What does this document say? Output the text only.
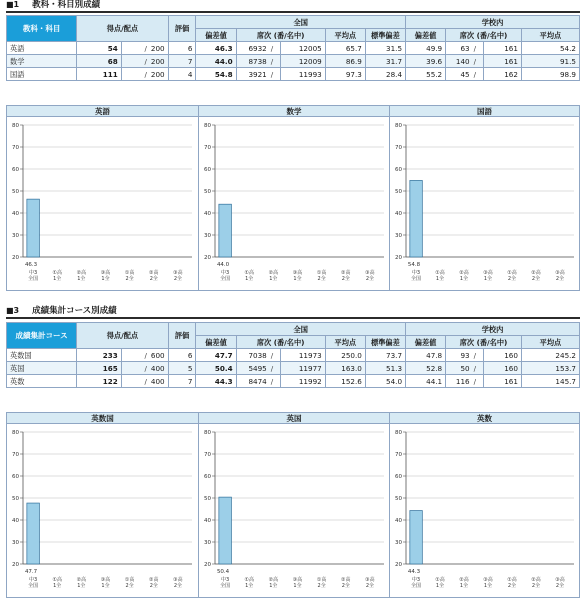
■1 教科・科目別成績
教科・科目	得点/配点		評価	全国					学校内			
				偏差値	席次 (番/名中)		平均点	標準偏差	偏差値	席次 (番/名中)		平均点
英語	54	/ 200	6	46.3	6932 /	12005	65.7	31.5	49.9	63 /	161	54.2
数学	68	/ 200	7	44.0	8738 /	12009	86.9	31.7	39.6	140 /	161	91.5
国語	111	/ 200	4	54.8	3921 /	11993	97.3	28.4	55.2	45 /	162	98.9
英語
20
30
40
50
60
70
80
46.3
中3
全国
①高
1全
②高
1全
③高
1全
①高
2全
②高
2全
③高
2全
数学
20
30
40
50
60
70
80
44.0
中3
全国
①高
1全
②高
1全
③高
1全
①高
2全
②高
2全
③高
2全
国語
20
30
40
50
60
70
80
54.8
中3
全国
①高
1全
②高
1全
③高
1全
①高
2全
②高
2全
③高
2全
■3 成績集計コース別成績
成績集計コース	得点/配点		評価	全国					学校内			
				偏差値	席次 (番/名中)		平均点	標準偏差	偏差値	席次 (番/名中)		平均点
英数国	233	/ 600	6	47.7	7038 /	11973	250.0	73.7	47.8	93 /	160	245.2
英国	165	/ 400	5	50.4	5495 /	11977	163.0	51.3	52.8	50 /	160	153.7
英数	122	/ 400	7	44.3	8474 /	11992	152.6	54.0	44.1	116 /	161	145.7
英数国
20
30
40
50
60
70
80
47.7
中3
全国
①高
1全
②高
1全
③高
1全
①高
2全
②高
2全
③高
2全
英国
20
30
40
50
60
70
80
50.4
中3
全国
①高
1全
②高
1全
③高
1全
①高
2全
②高
2全
③高
2全
英数
20
30
40
50
60
70
80
44.3
中3
全国
①高
1全
②高
1全
③高
1全
①高
2全
②高
2全
③高
2全
